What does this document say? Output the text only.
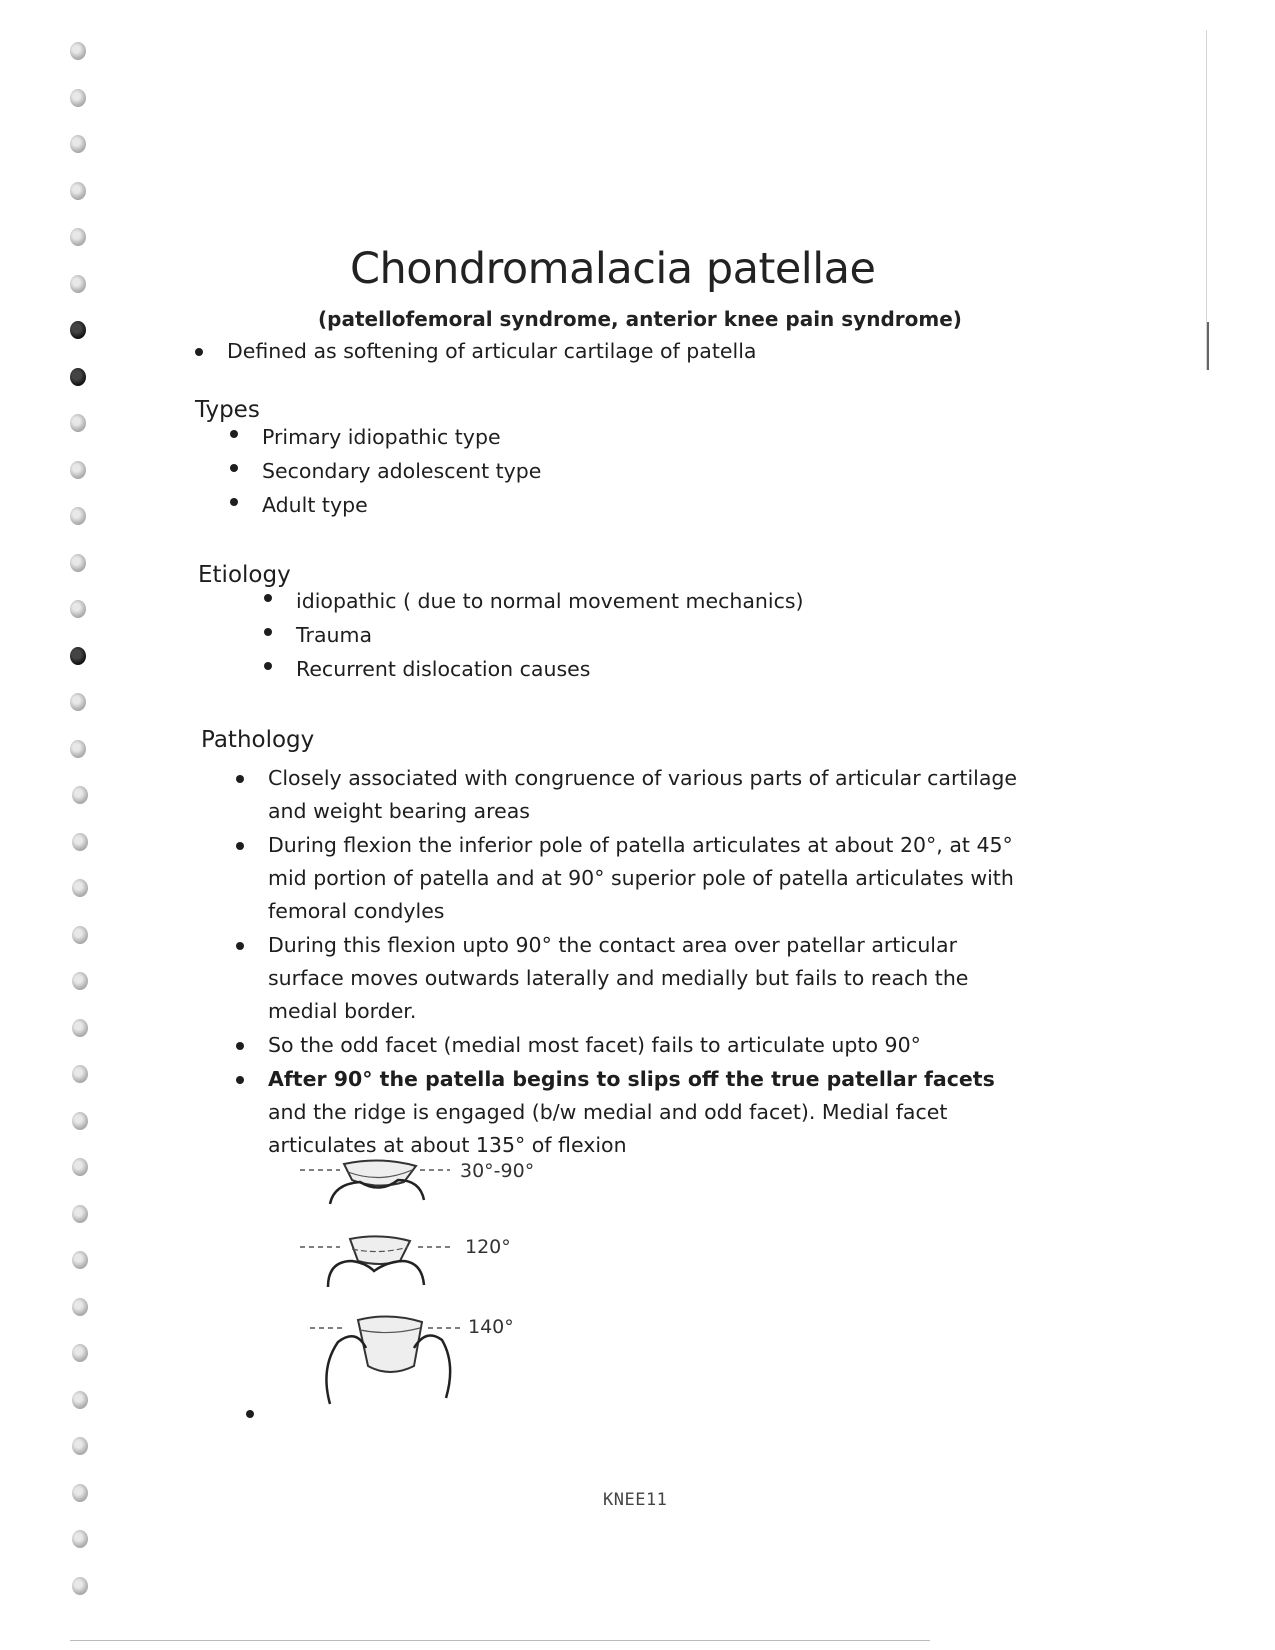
Chondromalacia patellae

(patellofemoral syndrome, anterior knee pain syndrome)

Defined as softening of articular cartilage of patella

Types
Primary idiopathic type
Secondary adolescent type
Adult type
Etiology
idiopathic ( due to normal movement mechanics)
Trauma
Recurrent dislocation causes
Pathology
Closely associated with congruence of various parts of articular cartilage and weight bearing areas
During flexion the inferior pole of patella articulates at about 20°, at 45° mid portion of patella and at 90° superior pole of patella articulates with femoral condyles
During this flexion upto 90° the contact area over patellar articular surface moves outwards laterally and medially but fails to reach the medial border.
So the odd facet (medial most facet) fails to articulate upto 90°
After 90° the patella begins to slips off the true patellar facets and the ridge is engaged (b/w medial and odd facet). Medial facet articulates at about 135° of flexion
30°-90°
120°
140°
KNEE11
